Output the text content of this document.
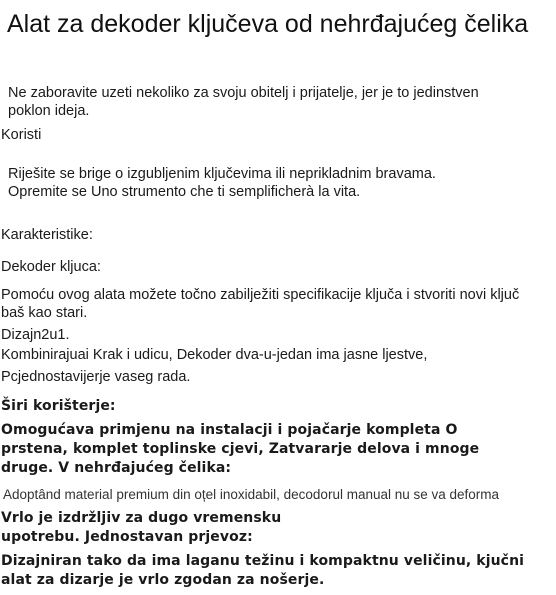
Alat za dekoder ključeva od nehrđajućeg čelika

Ne zaboravite uzeti nekoliko za svoju obitelj i prijatelje, jer je to jedinstven poklon ideja.

Koristi

Riješite se brige o izgubljenim ključevima ili neprikladnim bravama.

Opremite se Uno strumento che ti semplificherà la vita.

Karakteristike:

Dekoder kljuca:

Pomoću ovog alata možete točno zabilježiti specifikacije ključa i stvoriti novi ključ baš kao stari.

Dizajn2u1.

Kombinirajuai Krak i udicu, Dekoder dva-u-jedan ima jasne ljestve,

Pcjednostavijerje vaseg rada.

Širi korišterje:

Omogućava primjenu na instalacji i pojačarje kompleta O prstena, komplet toplinske cjevi, Zatvararje delova i mnoge druge. V nehrđajućeg čelika:

Adoptând material premium din oțel inoxidabil, decodorul manual nu se va deforma

Vrlo je izdržljiv za dugo vremensku upotrebu. Jednostavan prjevoz:

Dizajniran tako da ima laganu težinu i kompaktnu veličinu, kjučni alat za dizarje je vrlo zgodan za nošerje.
